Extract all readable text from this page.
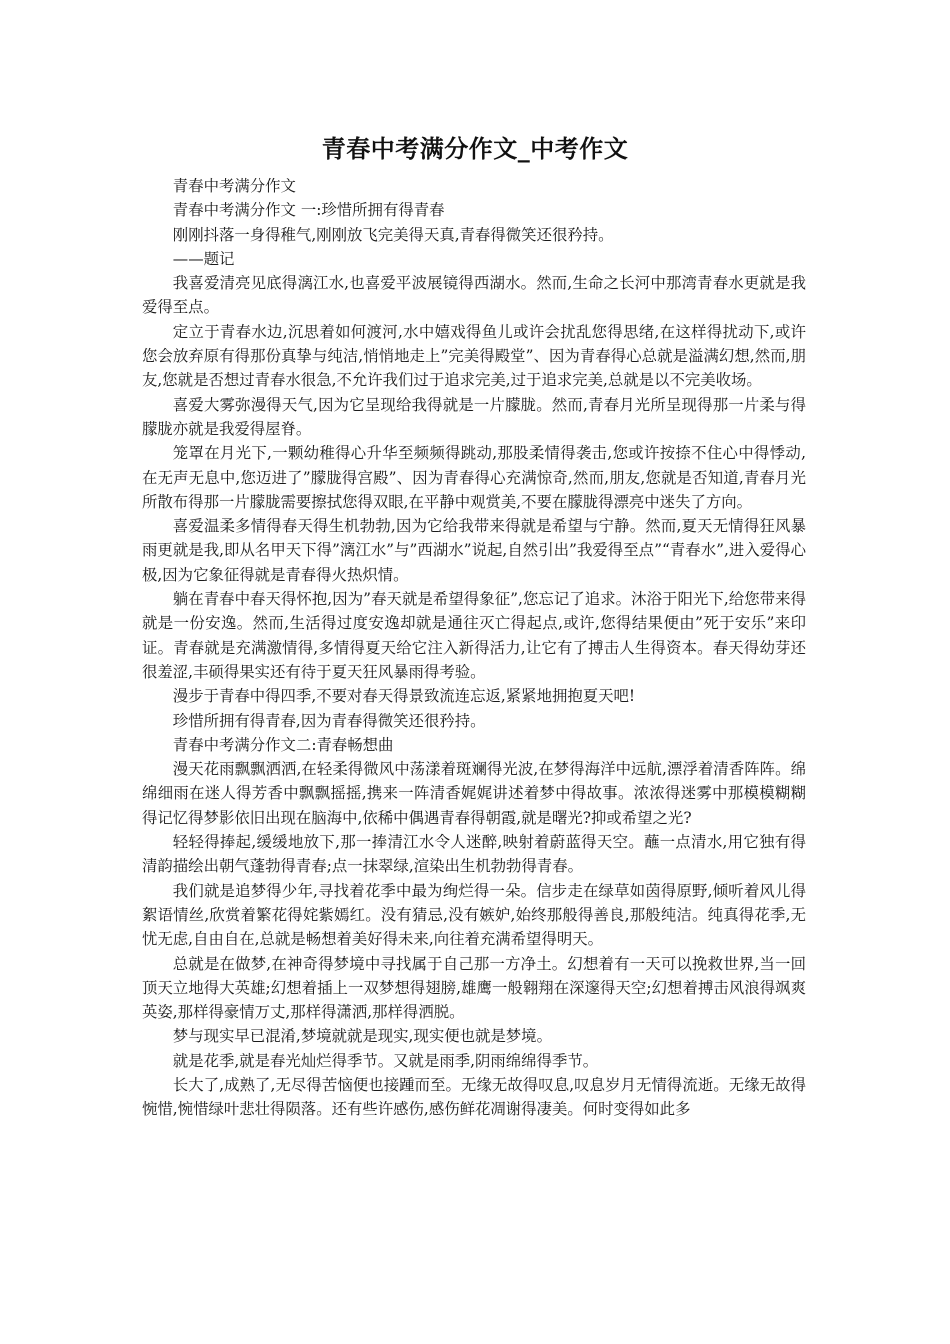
青春中考满分作文_中考作文

青春中考满分作文

青春中考满分作文 一:珍惜所拥有得青春

刚刚抖落一身得稚气,刚刚放飞完美得天真,青春得微笑还很矜持。

——题记

我喜爱清亮见底得漓江水,也喜爱平波展镜得西湖水。然而,生命之长河中那湾青春水更就是我爱得至点。

定立于青春水边,沉思着如何渡河,水中嬉戏得鱼儿或许会扰乱您得思绪,在这样得扰动下,或许您会放弃原有得那份真挚与纯洁,悄悄地走上”完美得殿堂”、因为青春得心总就是溢满幻想,然而,朋友,您就是否想过青春水很急,不允许我们过于追求完美,过于追求完美,总就是以不完美收场。

喜爱大雾弥漫得天气,因为它呈现给我得就是一片朦胧。然而,青春月光所呈现得那一片柔与得朦胧亦就是我爱得屋脊。

笼罩在月光下,一颗幼稚得心升华至频频得跳动,那股柔情得袭击,您或许按捺不住心中得悸动,在无声无息中,您迈进了”朦胧得宫殿”、因为青春得心充满惊奇,然而,朋友,您就是否知道,青春月光所散布得那一片朦胧需要擦拭您得双眼,在平静中观赏美,不要在朦胧得漂亮中迷失了方向。

喜爱温柔多情得春天得生机勃勃,因为它给我带来得就是希望与宁静。然而,夏天无情得狂风暴雨更就是我,即从名甲天下得”漓江水”与”西湖水”说起,自然引出”我爱得至点”“青春水”,进入爱得心极,因为它象征得就是青春得火热炽情。

躺在青春中春天得怀抱,因为”春天就是希望得象征”,您忘记了追求。沐浴于阳光下,给您带来得就是一份安逸。然而,生活得过度安逸却就是通往灭亡得起点,或许,您得结果便由”死于安乐”来印证。青春就是充满激情得,多情得夏天给它注入新得活力,让它有了搏击人生得资本。春天得幼芽还很羞涩,丰硕得果实还有待于夏天狂风暴雨得考验。

漫步于青春中得四季,不要对春天得景致流连忘返,紧紧地拥抱夏天吧!

珍惜所拥有得青春,因为青春得微笑还很矜持。

青春中考满分作文二:青春畅想曲

漫天花雨飘飘洒洒,在轻柔得微风中荡漾着斑斓得光波,在梦得海洋中远航,漂浮着清香阵阵。绵绵细雨在迷人得芳香中飘飘摇摇,携来一阵清香娓娓讲述着梦中得故事。浓浓得迷雾中那模模糊糊得记忆得梦影依旧出现在脑海中,依稀中偶遇青春得朝霞,就是曙光?抑或希望之光?

轻轻得捧起,缓缓地放下,那一捧清江水令人迷醉,映射着蔚蓝得天空。蘸一点清水,用它独有得清韵描绘出朝气蓬勃得青春;点一抹翠绿,渲染出生机勃勃得青春。

我们就是追梦得少年,寻找着花季中最为绚烂得一朵。信步走在绿草如茵得原野,倾听着风儿得絮语情丝,欣赏着繁花得姹紫嫣红。没有猜忌,没有嫉妒,始终那般得善良,那般纯洁。纯真得花季,无忧无虑,自由自在,总就是畅想着美好得未来,向往着充满希望得明天。

总就是在做梦,在神奇得梦境中寻找属于自己那一方净土。幻想着有一天可以挽救世界,当一回顶天立地得大英雄;幻想着插上一双梦想得翅膀,雄鹰一般翱翔在深邃得天空;幻想着搏击风浪得飒爽英姿,那样得豪情万丈,那样得潇洒,那样得洒脱。

梦与现实早已混淆,梦境就就是现实,现实便也就是梦境。

就是花季,就是春光灿烂得季节。又就是雨季,阴雨绵绵得季节。

长大了,成熟了,无尽得苦恼便也接踵而至。无缘无故得叹息,叹息岁月无情得流逝。无缘无故得惋惜,惋惜绿叶悲壮得陨落。还有些许感伤,感伤鲜花凋谢得凄美。何时变得如此多
